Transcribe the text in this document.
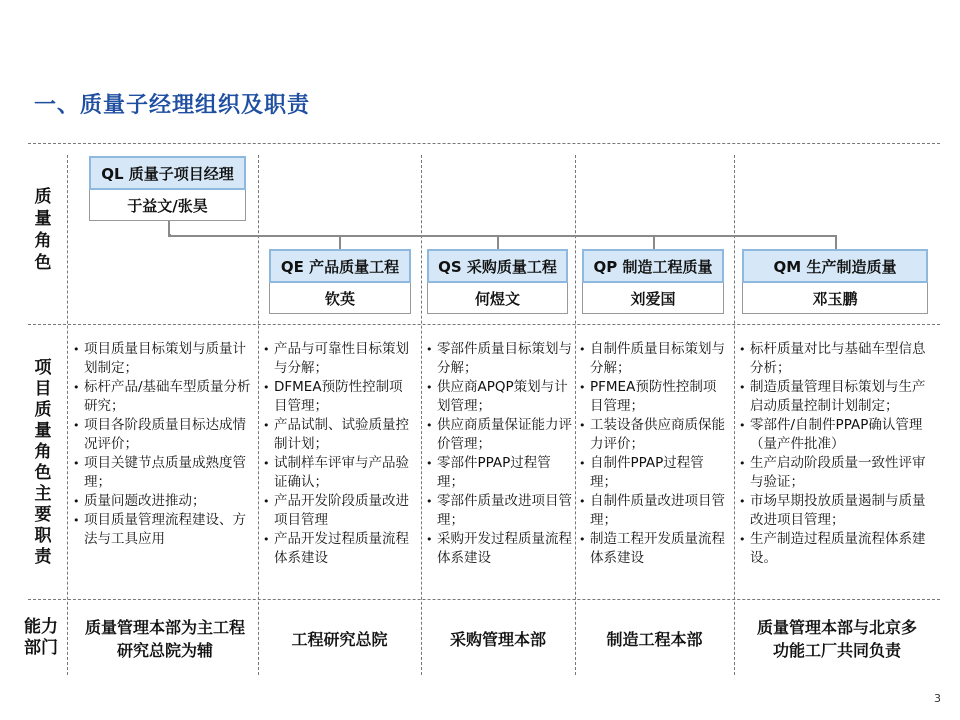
一、质量子经理组织及职责
质量角色
项目质量角色主要职责
能力部门
QL 质量子项目经理
于益文/张昊
QE 产品质量工程
钦英
QS 采购质量工程
何煜文
QP 制造工程质量
刘爱国
QM 生产制造质量
邓玉鹏
• 项目质量目标策划与质量计划制定；
• 标杆产品/基础车型质量分析研究；
• 项目各阶段质量目标达成情况评价；
• 项目关键节点质量成熟度管理；
• 质量问题改进推动；
• 项目质量管理流程建设、方法与工具应用
• 产品与可靠性目标策划与分解；
• DFMEA预防性控制项目管理；
• 产品试制、试验质量控制计划；
• 试制样车评审与产品验证确认；
• 产品开发阶段质量改进项目管理
• 产品开发过程质量流程体系建设
• 零部件质量目标策划与分解；
• 供应商APQP策划与计划管理；
• 供应商质量保证能力评价管理；
• 零部件PPAP过程管理；
• 零部件质量改进项目管理；
• 采购开发过程质量流程体系建设
• 自制件质量目标策划与分解；
• PFMEA预防性控制项目管理；
• 工装设备供应商质保能力评价；
• 自制件PPAP过程管理；
• 自制件质量改进项目管理；
• 制造工程开发质量流程体系建设
• 标杆质量对比与基础车型信息分析；
• 制造质量管理目标策划与生产启动质量控制计划制定；
• 零部件/自制件PPAP确认管理（量产件批准）
• 生产启动阶段质量一致性评审与验证；
• 市场早期投放质量遏制与质量改进项目管理；
• 生产制造过程质量流程体系建设。
质量管理本部为主工程研究总院为辅
工程研究总院	采购管理本部	制造工程本部
质量管理本部与北京多功能工厂共同负责
3
